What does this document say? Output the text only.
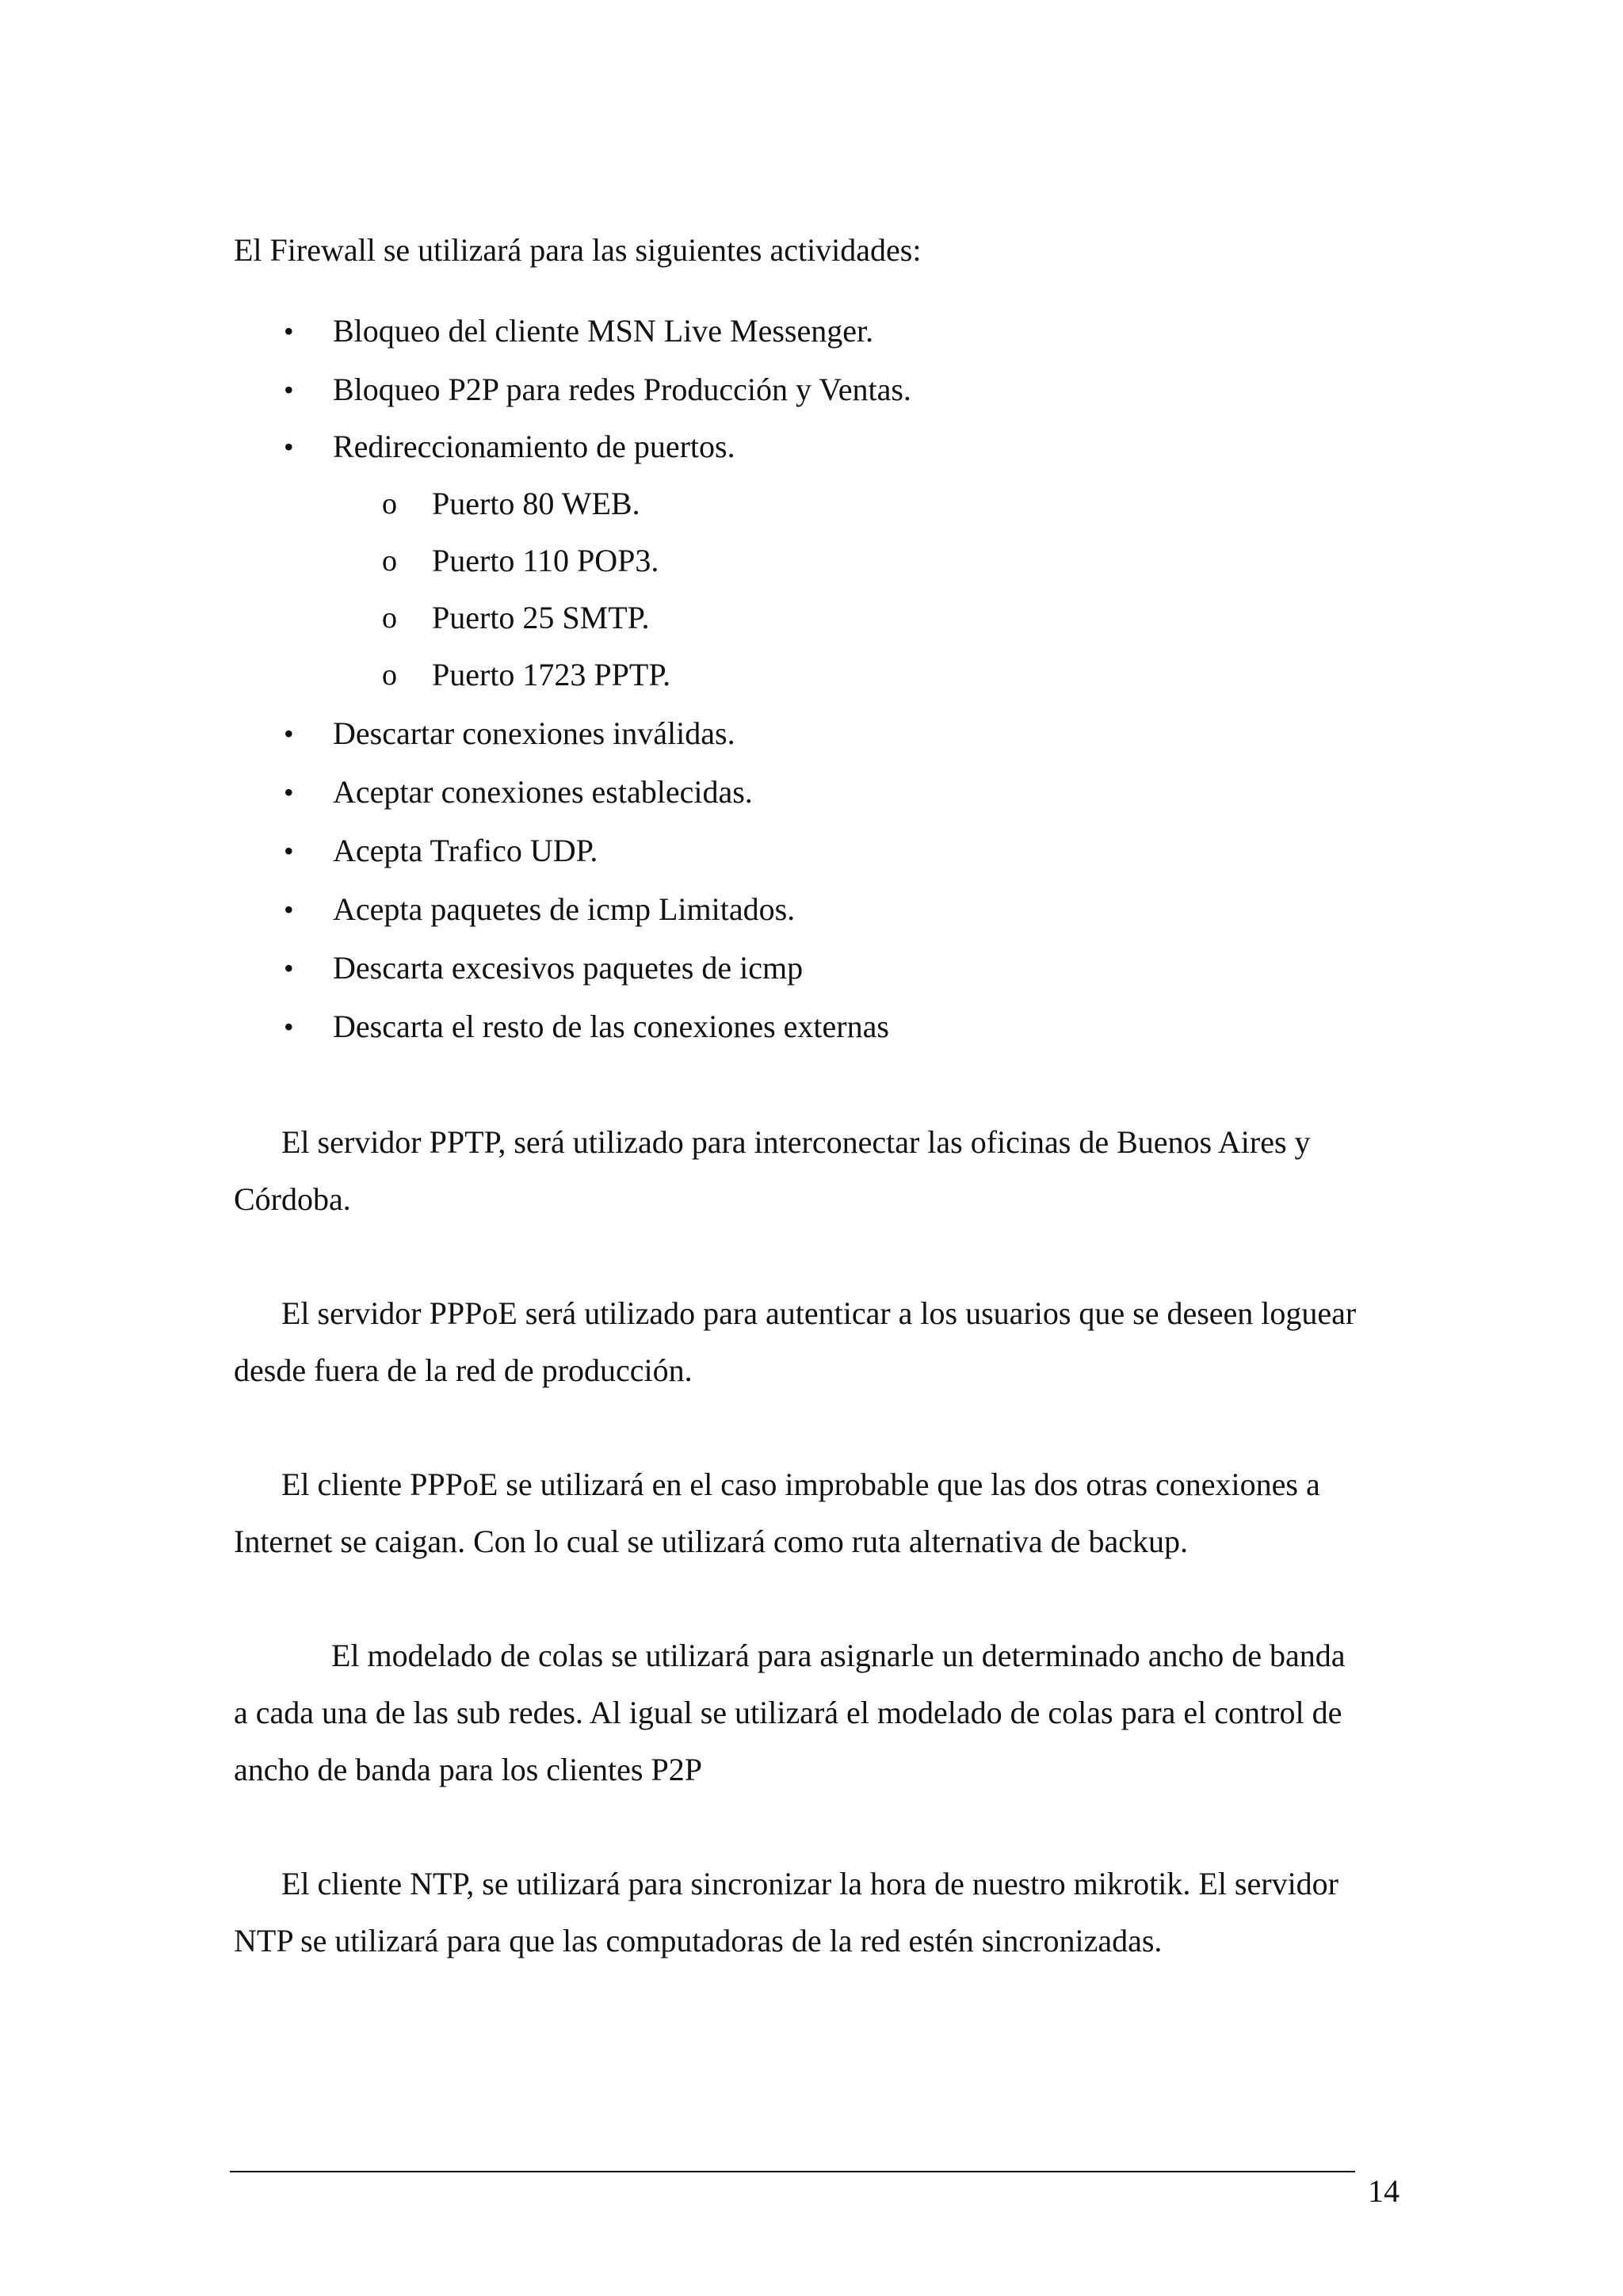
El Firewall se utilizará para las siguientes actividades:
• Bloqueo del cliente MSN Live Messenger.
• Bloqueo P2P para redes Producción y Ventas.
• Redireccionamiento de puertos.
o Puerto 80 WEB.
o Puerto 110 POP3.
o Puerto 25 SMTP.
o Puerto 1723 PPTP.
• Descartar conexiones inválidas.
• Aceptar conexiones establecidas.
• Acepta Trafico UDP.
• Acepta paquetes de icmp Limitados.
• Descarta excesivos paquetes de icmp
• Descarta el resto de las conexiones externas
El servidor PPTP, será utilizado para interconectar las oficinas de Buenos Aires y
Córdoba.
El servidor PPPoE será utilizado para autenticar a los usuarios que se deseen loguear
desde fuera de la red de producción.
El cliente PPPoE se utilizará en el caso improbable que las dos otras conexiones a
Internet se caigan. Con lo cual se utilizará como ruta alternativa de backup.
El modelado de colas se utilizará para asignarle un determinado ancho de banda
a cada una de las sub redes. Al igual se utilizará el modelado de colas para el control de
ancho de banda para los clientes P2P
El cliente NTP, se utilizará para sincronizar la hora de nuestro mikrotik. El servidor
NTP se utilizará para que las computadoras de la red estén sincronizadas.
14
